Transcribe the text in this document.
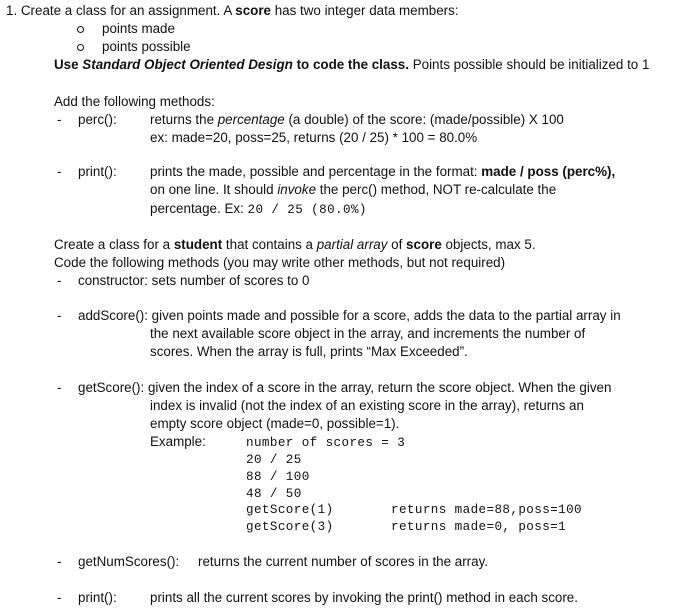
1. Create a class for an assignment. A score has two integer data members:
points made
points possible
Use Standard Object Oriented Design to code the class. Points possible should be initialized to 1
Add the following methods:
- perc(): returns the percentage (a double) of the score: (made/possible) X 100
ex: made=20, poss=25, returns (20 / 25) * 100 = 80.0%
- print(): prints the made, possible and percentage in the format: made / poss (perc%),
on one line. It should invoke the perc() method, NOT re-calculate the
percentage. Ex: 20 / 25 (80.0%)
Create a class for a student that contains a partial array of score objects, max 5.
Code the following methods (you may write other methods, but not required)
- constructor: sets number of scores to 0
- addScore(): given points made and possible for a score, adds the data to the partial array in
the next available score object in the array, and increments the number of
scores. When the array is full, prints “Max Exceeded”.
- getScore(): given the index of a score in the array, return the score object. When the given
index is invalid (not the index of an existing score in the array), returns an
empty score object (made=0, possible=1).
Example:	number of scores = 3
20 / 25
88 / 100
48 / 50
getScore(1)
getScore(3)
returns made=88,poss=100
returns made=0, poss=1
- getNumScores(): returns the current number of scores in the array.
- print(): prints all the current scores by invoking the print() method in each score.
